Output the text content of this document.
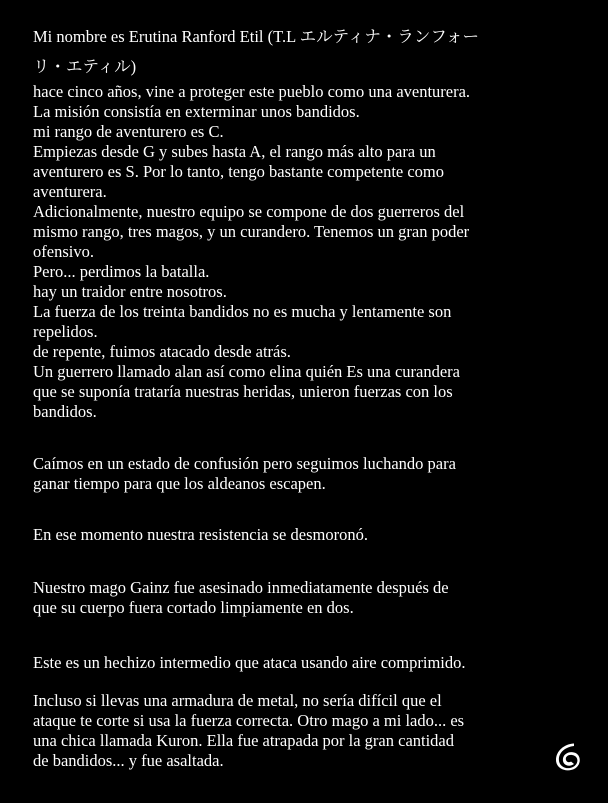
Mi nombre es Erutina Ranford Etil (T.L エルティナ・ランフォー
リ・エティル)
hace cinco años, vine a proteger este pueblo como una aventurera.
La misión consistía en exterminar unos bandidos.
mi rango de aventurero es C.
Empiezas desde G y subes hasta A, el rango más alto para un
aventurero es S. Por lo tanto, tengo bastante competente como
aventurera.
Adicionalmente, nuestro equipo se compone de dos guerreros del
mismo rango, tres magos, y un curandero. Tenemos un gran poder
ofensivo.
Pero... perdimos la batalla.
hay un traidor entre nosotros.
La fuerza de los treinta bandidos no es mucha y lentamente son
repelidos.
de repente, fuimos atacado desde atrás.
Un guerrero llamado alan así como elina quién Es una curandera
que se suponía trataría nuestras heridas, unieron fuerzas con los
bandidos.
Caímos en un estado de confusión pero seguimos luchando para
ganar tiempo para que los aldeanos escapen.
En ese momento nuestra resistencia se desmoronó.
Nuestro mago Gainz fue asesinado inmediatamente después de
que su cuerpo fuera cortado limpiamente en dos.
Este es un hechizo intermedio que ataca usando aire comprimido.
Incluso si llevas una armadura de metal, no sería difícil que el
ataque te corte si usa la fuerza correcta. Otro mago a mi lado... es
una chica llamada Kuron. Ella fue atrapada por la gran cantidad
de bandidos... y fue asaltada.
